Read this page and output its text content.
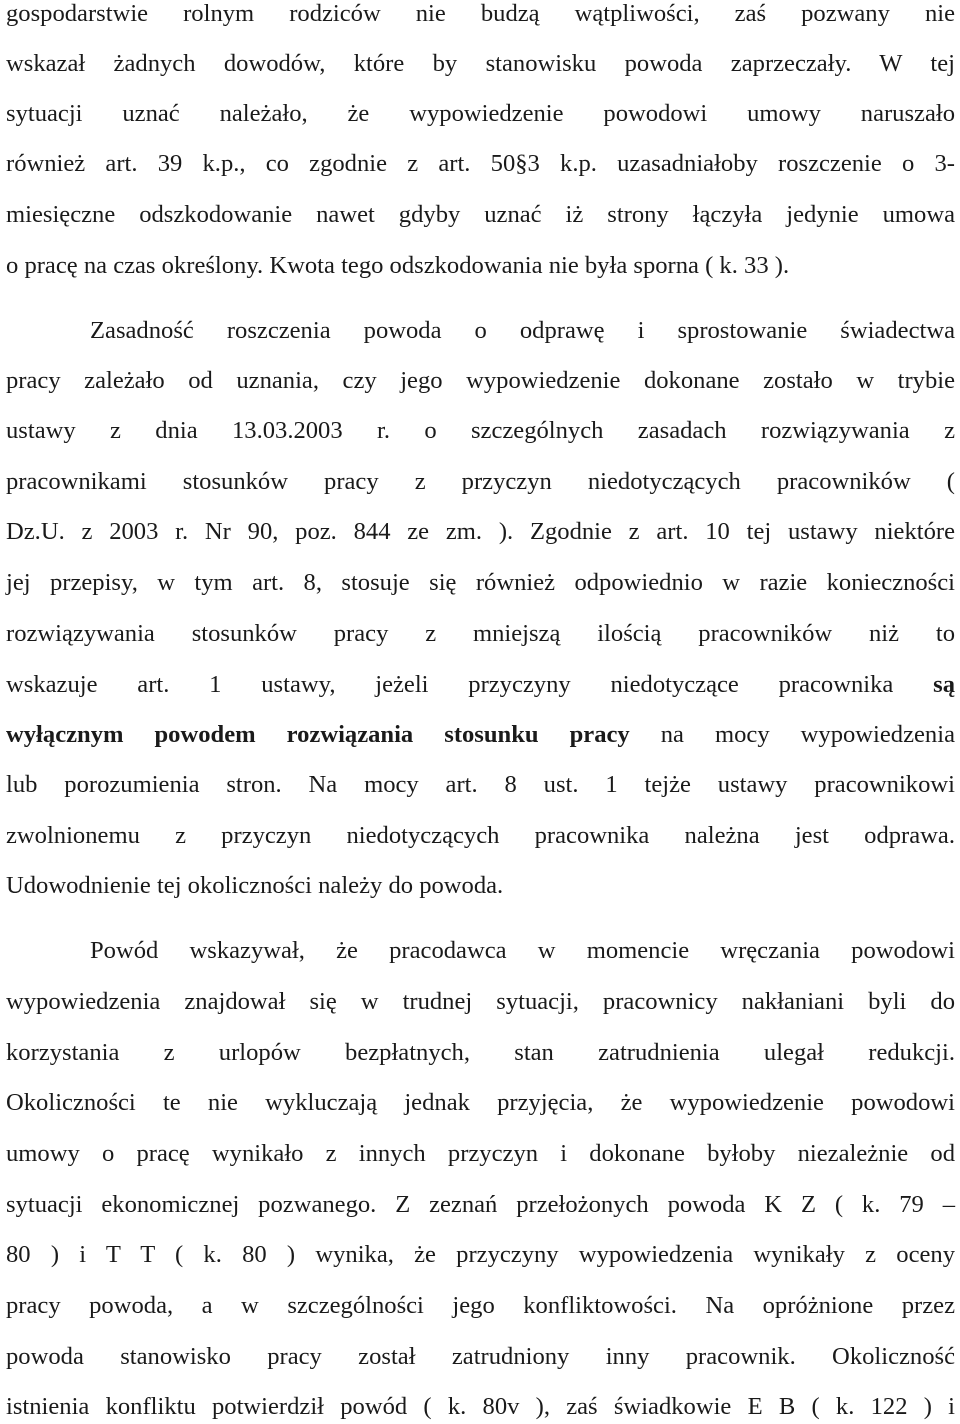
gospodarstwie rolnym rodziców nie budzą wątpliwości, zaś pozwany nie
wskazał żadnych dowodów, które by stanowisku powoda zaprzeczały. W tej
sytuacji uznać należało, że wypowiedzenie powodowi umowy naruszało
również art. 39 k.p., co zgodnie z art. 50§3 k.p. uzasadniałoby roszczenie o 3-
miesięczne odszkodowanie nawet gdyby uznać iż strony łączyła jedynie umowa
o pracę na czas określony. Kwota tego odszkodowania nie była sporna ( k. 33 ).
Zasadność roszczenia powoda o odprawę i sprostowanie świadectwa
pracy zależało od uznania, czy jego wypowiedzenie dokonane zostało w trybie
ustawy z dnia 13.03.2003 r. o szczególnych zasadach rozwiązywania z
pracownikami stosunków pracy z przyczyn niedotyczących pracowników (
Dz.U. z 2003 r. Nr 90, poz. 844 ze zm. ). Zgodnie z art. 10 tej ustawy niektóre
jej przepisy, w tym art. 8, stosuje się również odpowiednio w razie konieczności
rozwiązywania stosunków pracy z mniejszą ilością pracowników niż to
wskazuje art. 1 ustawy, jeżeli przyczyny niedotyczące pracownika są
wyłącznym powodem rozwiązania stosunku pracy na mocy wypowiedzenia
lub porozumienia stron. Na mocy art. 8 ust. 1 tejże ustawy pracownikowi
zwolnionemu z przyczyn niedotyczących pracownika należna jest odprawa.
Udowodnienie tej okoliczności należy do powoda.
Powód wskazywał, że pracodawca w momencie wręczania powodowi
wypowiedzenia znajdował się w trudnej sytuacji, pracownicy nakłaniani byli do
korzystania z urlopów bezpłatnych, stan zatrudnienia ulegał redukcji.
Okoliczności te nie wykluczają jednak przyjęcia, że wypowiedzenie powodowi
umowy o pracę wynikało z innych przyczyn i dokonane byłoby niezależnie od
sytuacji ekonomicznej pozwanego. Z zeznań przełożonych powoda K Z ( k. 79 –
80 ) i T T ( k. 80 ) wynika, że przyczyny wypowiedzenia wynikały z oceny
pracy powoda, a w szczególności jego konfliktowości. Na opróżnione przez
powoda stanowisko pracy został zatrudniony inny pracownik. Okoliczność
istnienia konfliktu potwierdził powód ( k. 80v ), zaś świadkowie E B ( k. 122 ) i
